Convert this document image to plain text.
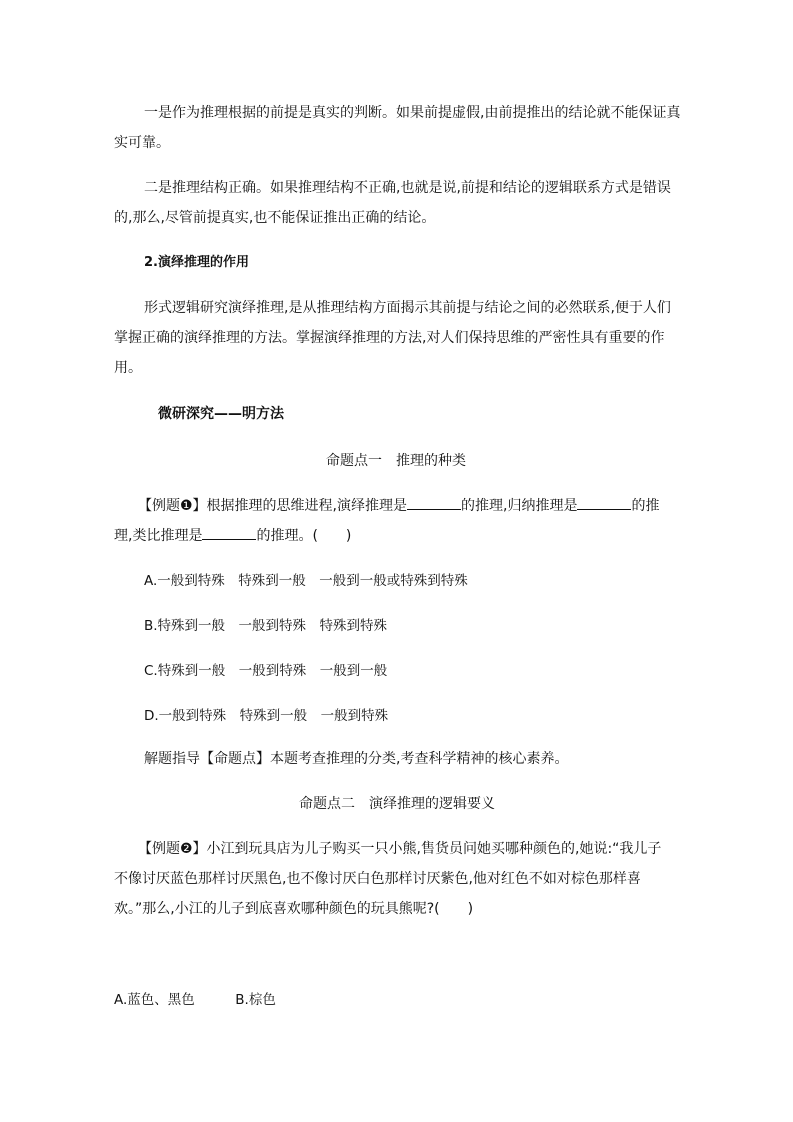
一是作为推理根据的前提是真实的判断。如果前提虚假,由前提推出的结论就不能保证真
实可靠。
二是推理结构正确。如果推理结构不正确,也就是说,前提和结论的逻辑联系方式是错误
的,那么,尽管前提真实,也不能保证推出正确的结论。
2.演绎推理的作用
形式逻辑研究演绎推理,是从推理结构方面揭示其前提与结论之间的必然联系,便于人们
掌握正确的演绎推理的方法。掌握演绎推理的方法,对人们保持思维的严密性具有重要的作
用。
微研深究——明方法
命题点一　推理的种类
【例题❶】根据推理的思维进程,演绎推理是	的推理,归纳推理是	的推
理,类比推理是	的推理。(　　)
A.一般到特殊　特殊到一般　一般到一般或特殊到特殊
B.特殊到一般　一般到特殊　特殊到特殊
C.特殊到一般　一般到特殊　一般到一般
D.一般到特殊　特殊到一般　一般到特殊
解题指导【命题点】本题考查推理的分类,考查科学精神的核心素养。
命题点二　演绎推理的逻辑要义
【例题❷】小江到玩具店为儿子购买一只小熊,售货员问她买哪种颜色的,她说:“我儿子
不像讨厌蓝色那样讨厌黑色,也不像讨厌白色那样讨厌紫色,他对红色不如对棕色那样喜
欢。”那么,小江的儿子到底喜欢哪种颜色的玩具熊呢?(　　)
A.蓝色、黑色　　　B.棕色
